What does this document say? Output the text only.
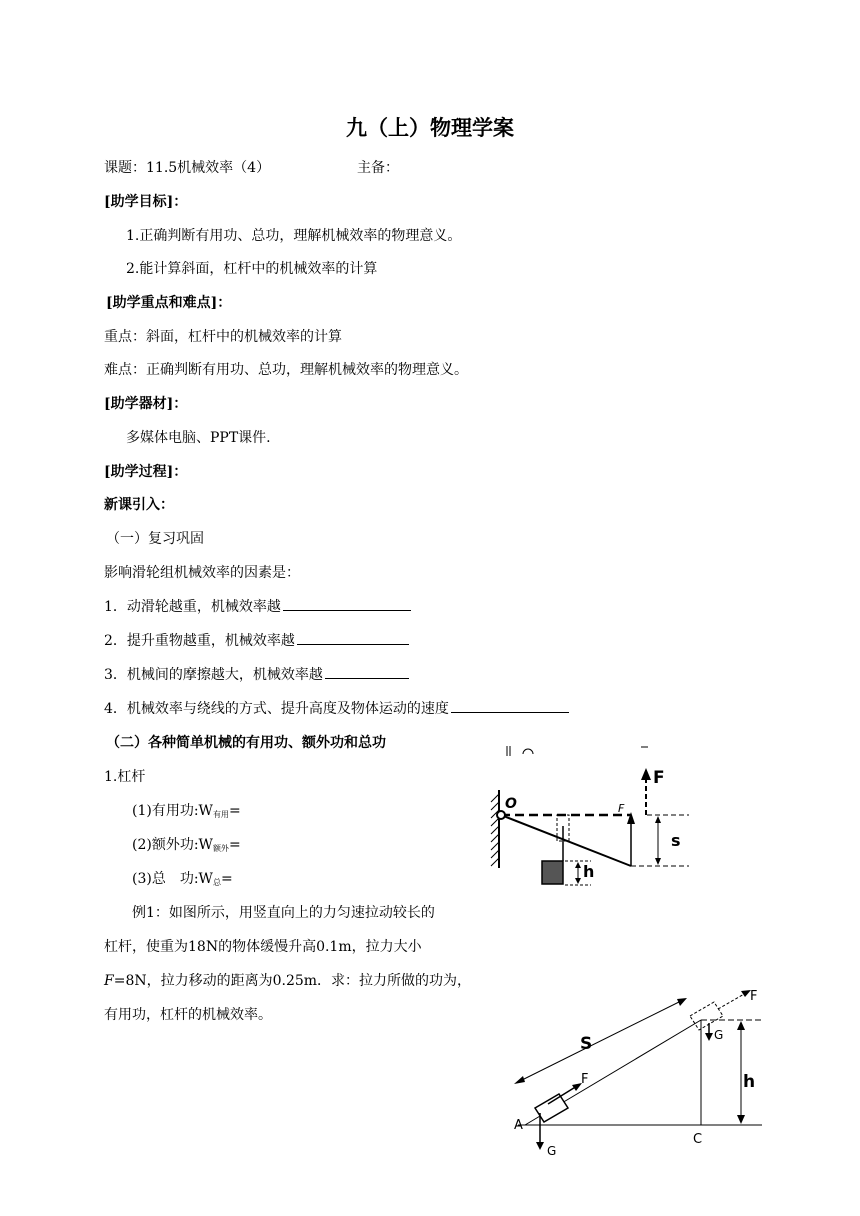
九（上）物理学案
课题：11.5机械效率（4）	主备：
[助学目标]：
1.正确判断有用功、总功，理解机械效率的物理意义。
2.能计算斜面，杠杆中的机械效率的计算
[助学重点和难点]：
重点：斜面，杠杆中的机械效率的计算
难点：正确判断有用功、总功，理解机械效率的物理意义。
[助学器材]：
多媒体电脑、PPT课件.
[助学过程]：
新课引入：
（一）复习巩固
影响滑轮组机械效率的因素是：
1．动滑轮越重，机械效率越
2．提升重物越重，机械效率越
3．机械间的摩擦越大，机械效率越
4．机械效率与绕线的方式、提升高度及物体运动的速度
（二）各种简单机械的有用功、额外功和总功
1.杠杆
(1)有用功$:W_{有用}=$
(2)额外功$:W_{额外}=$
(3)总　功$:W_总=$
例1：如图所示，用竖直向上的力匀速拉动较长的
杠杆，使重为18N的物体缓慢升高0.1m，拉力大小
F=8N，拉力移动的距离为0.25m．求：拉力所做的功为，
有用功，杠杆的机械效率。
O	F
F
s
h
h
S
F
G
A
C
F
G
